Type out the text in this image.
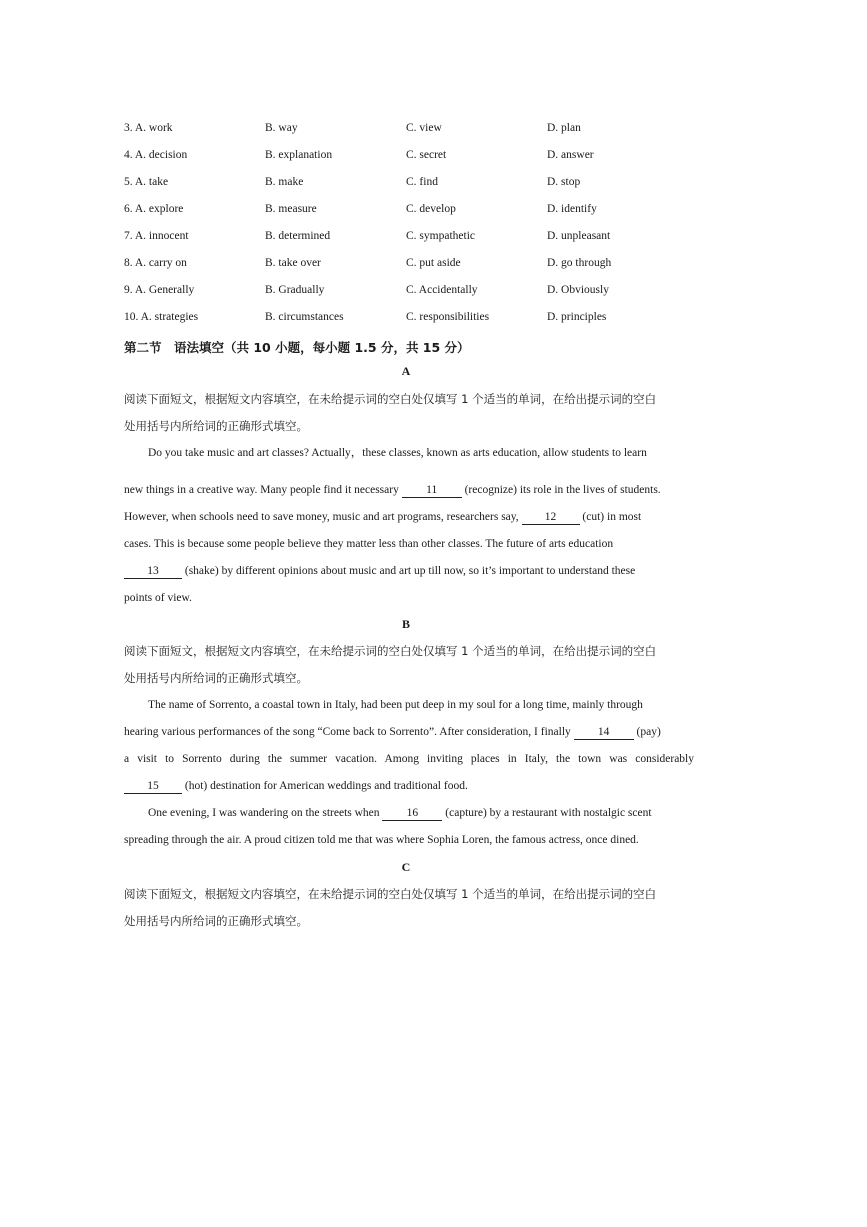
3. A. work	B. way	C. view	D. plan
4. A. decision	B. explanation	C. secret	D. answer
5. A. take	B. make	C. find	D. stop
6. A. explore	B. measure	C. develop	D. identify
7. A. innocent	B. determined	C. sympathetic	D. unpleasant
8. A. carry on	B. take over	C. put aside	D. go through
9. A. Generally	B. Gradually	C. Accidentally	D. Obviously
10. A. strategies	B. circumstances	C. responsibilities	D. principles
第二节　语法填空（共 10 小题，每小题 1.5 分，共 15 分）
A
阅读下面短文，根据短文内容填空，在未给提示词的空白处仅填写 1 个适当的单词，在给出提示词的空白
处用括号内所给词的正确形式填空。
Do you take music and art classes? Actually，these classes, known as arts education, allow students to learn
new things in a creative way. Many people find it necessary 11 (recognize) its role in the lives of students.
However, when schools need to save money, music and art programs, researchers say, 12 (cut) in most
cases. This is because some people believe they matter less than other classes. The future of arts education
13 (shake) by different opinions about music and art up till now, so it’s important to understand these
points of view.
B
阅读下面短文，根据短文内容填空，在未给提示词的空白处仅填写 1 个适当的单词，在给出提示词的空白
处用括号内所给词的正确形式填空。
The name of Sorrento, a coastal town in Italy, had been put deep in my soul for a long time, mainly through
hearing various performances of the song “Come back to Sorrento”. After consideration, I finally 14 (pay)
a visit to Sorrento during the summer vacation. Among inviting places in Italy, the town was considerably
15 (hot) destination for American weddings and traditional food.
One evening, I was wandering on the streets when 16 (capture) by a restaurant with nostalgic scent
spreading through the air. A proud citizen told me that was where Sophia Loren, the famous actress, once dined.
C
阅读下面短文，根据短文内容填空，在未给提示词的空白处仅填写 1 个适当的单词，在给出提示词的空白
处用括号内所给词的正确形式填空。
